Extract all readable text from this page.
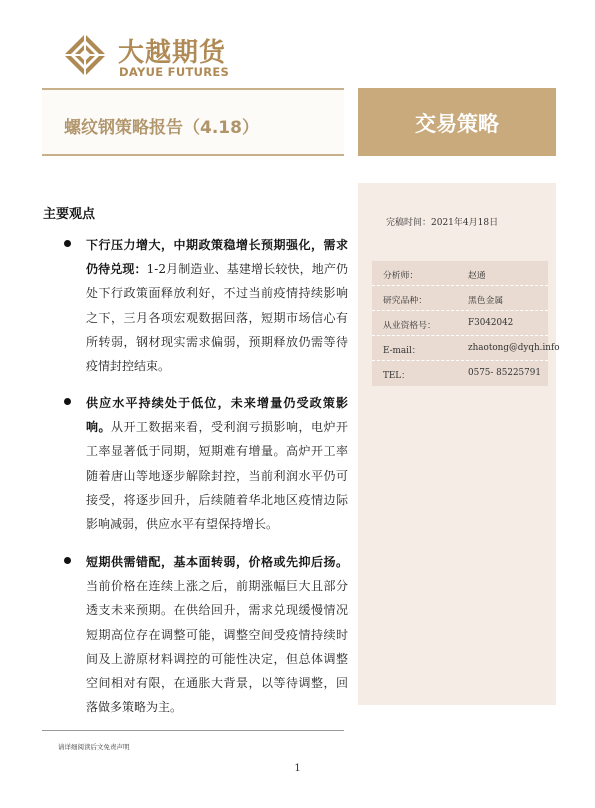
大越期货
DAYUE FUTURES
螺纹钢策略报告（4.18）	交易策略
完稿时间：2021年4月18日
分析师：	赵通
研究品种：	黑色金属
从业资格号：	F3042042
E-mail：	zhaotong@dyqh.info
TEL：	0575- 85225791
主要观点
下行压力增大，中期政策稳增长预期强化，需求仍待兑现：1-2月制造业、基建增长较快，地产仍处下行政策面释放利好，不过当前疫情持续影响之下，三月各项宏观数据回落，短期市场信心有所转弱，钢材现实需求偏弱，预期释放仍需等待疫情封控结束。
供应水平持续处于低位，未来增量仍受政策影响。从开工数据来看，受利润亏损影响，电炉开工率显著低于同期，短期难有增量。高炉开工率随着唐山等地逐步解除封控，当前利润水平仍可接受，将逐步回升，后续随着华北地区疫情边际影响减弱，供应水平有望保持增长。
短期供需错配，基本面转弱，价格或先抑后扬。当前价格在连续上涨之后，前期涨幅巨大且部分透支未来预期。在供给回升，需求兑现缓慢情况短期高位存在调整可能，调整空间受疫情持续时间及上游原材料调控的可能性决定，但总体调整空间相对有限，在通胀大背景，以等待调整，回落做多策略为主。
请详细阅读后文免责声明
1
